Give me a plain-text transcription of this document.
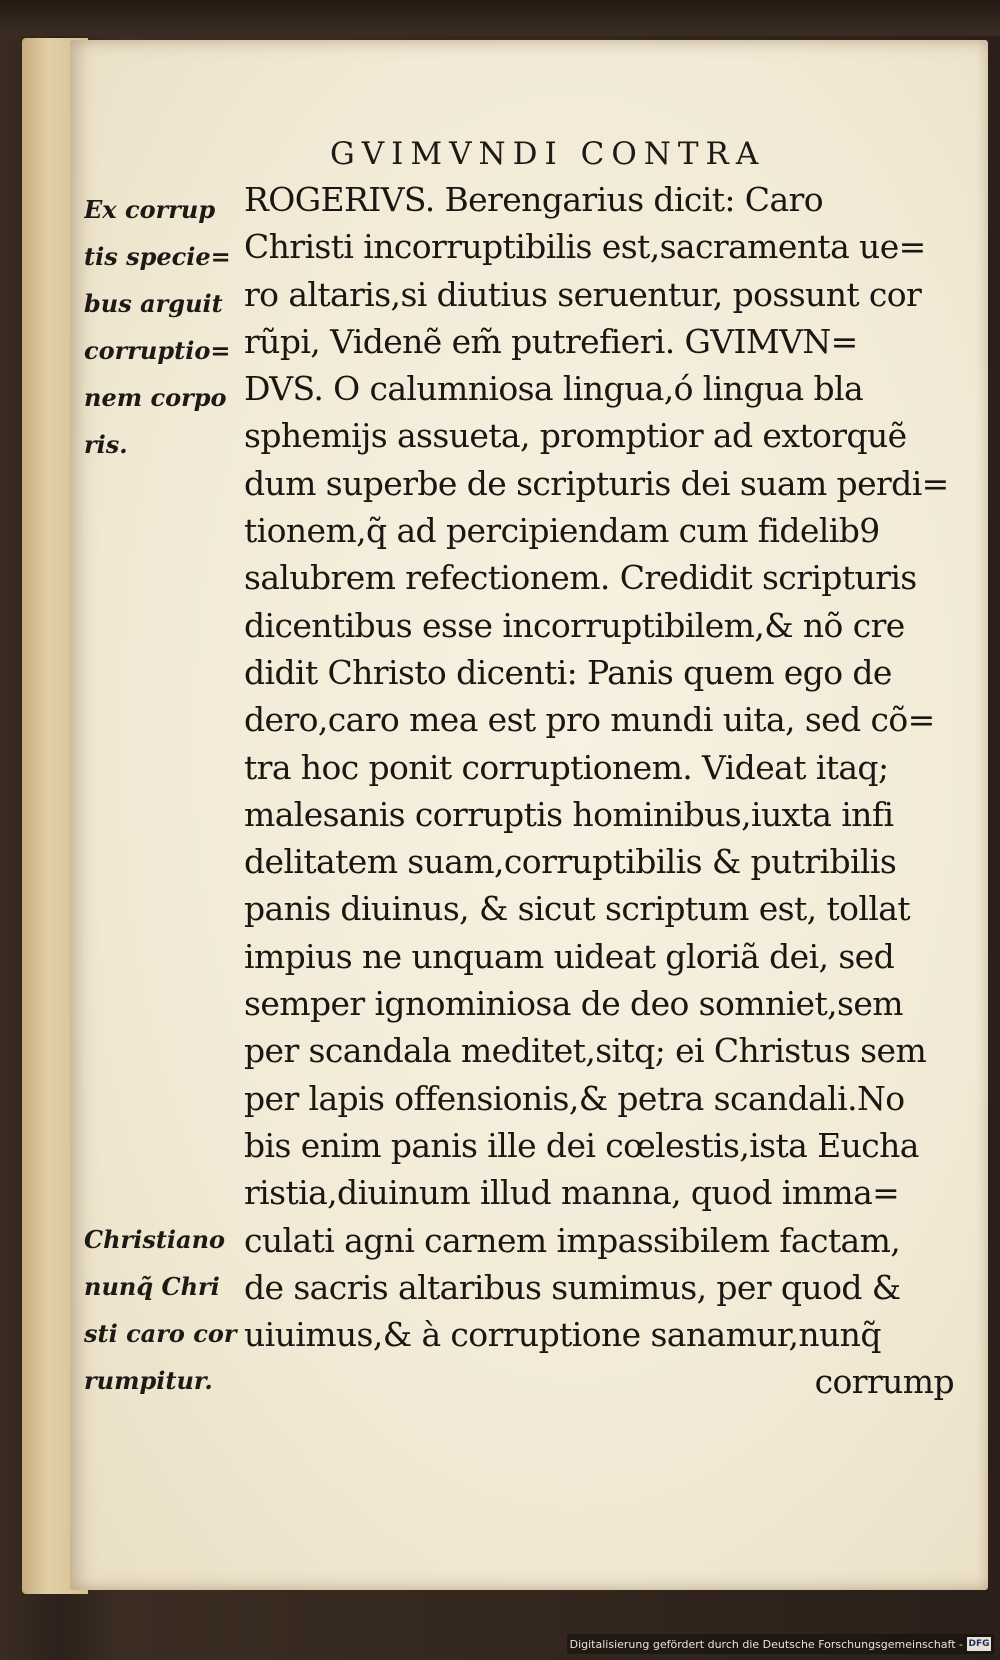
GVIMVNDI CONTRA
Ex corrup
tis specie=
bus arguit
corruptio=
nem corpo
ris.
Christiano
nunq̃ Chri
sti caro cor
rumpitur.
ROGERIVS. Berengarius dicit: Caro
Christi incorruptibilis est,sacramenta ue=
ro altaris,si diutius seruentur, possunt cor
rũpi, Videnẽ em̃ putrefieri. GVIMVN=
DVS. O calumniosa lingua,ó lingua bla
sphemijs assueta, promptior ad extorquẽ
dum superbe de scripturis dei suam perdi=
tionem,q̃ ad percipiendam cum fidelib9
salubrem refectionem. Credidit scripturis
dicentibus esse incorruptibilem,& nõ cre
didit Christo dicenti: Panis quem ego de
dero,caro mea est pro mundi uita, sed cõ=
tra hoc ponit corruptionem. Videat itaq;
malesanis corruptis hominibus,iuxta infi
delitatem suam,corruptibilis & putribilis
panis diuinus, & sicut scriptum est, tollat
impius ne unquam uideat gloriã dei, sed
semper ignominiosa de deo somniet,sem
per scandala meditet,sitq; ei Christus sem
per lapis offensionis,& petra scandali.No
bis enim panis ille dei cœlestis,ista Eucha
ristia,diuinum illud manna, quod imma=
culati agni carnem impassibilem factam,
de sacris altaribus sumimus, per quod &
uiuimus,& à corruptione sanamur,nunq̃
corrump
Digitalisierung gefördert durch die Deutsche Forschungsgemeinschaft - DFG
